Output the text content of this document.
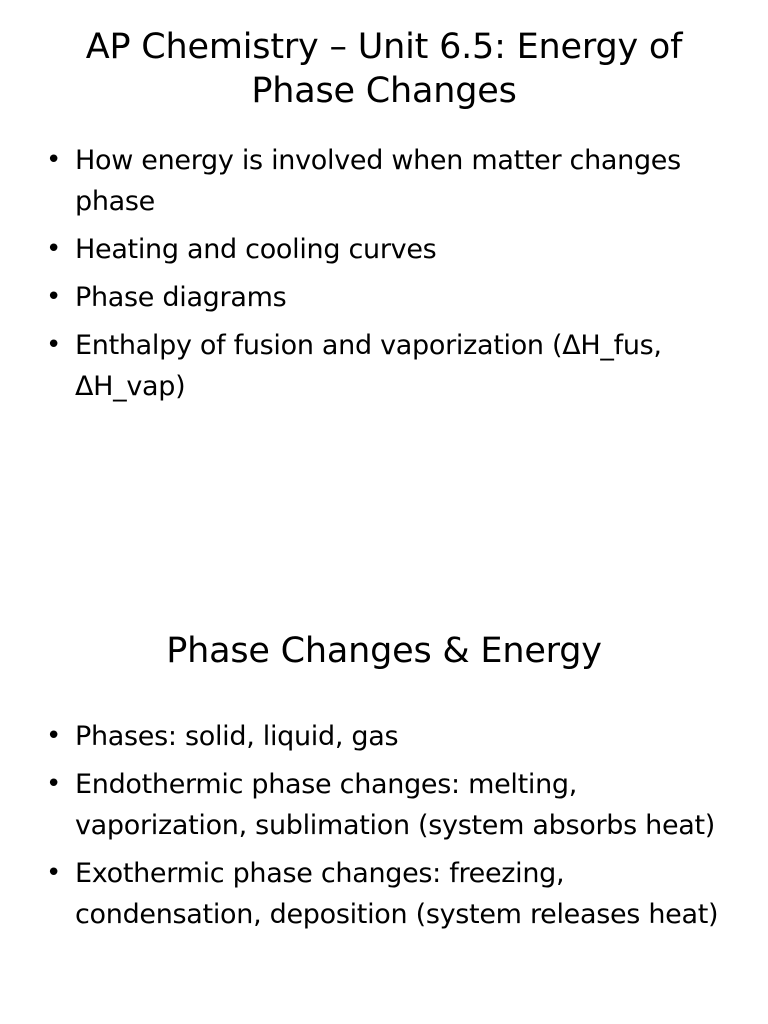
AP Chemistry – Unit 6.5: Energy of Phase Changes
• How energy is involved when matter changes phase
• Heating and cooling curves
• Phase diagrams
• Enthalpy of fusion and vaporization (ΔH_fus, ΔH_vap)
Phase Changes & Energy
• Phases: solid, liquid, gas
• Endothermic phase changes: melting, vaporization, sublimation (system absorbs heat)
• Exothermic phase changes: freezing, condensation, deposition (system releases heat)
